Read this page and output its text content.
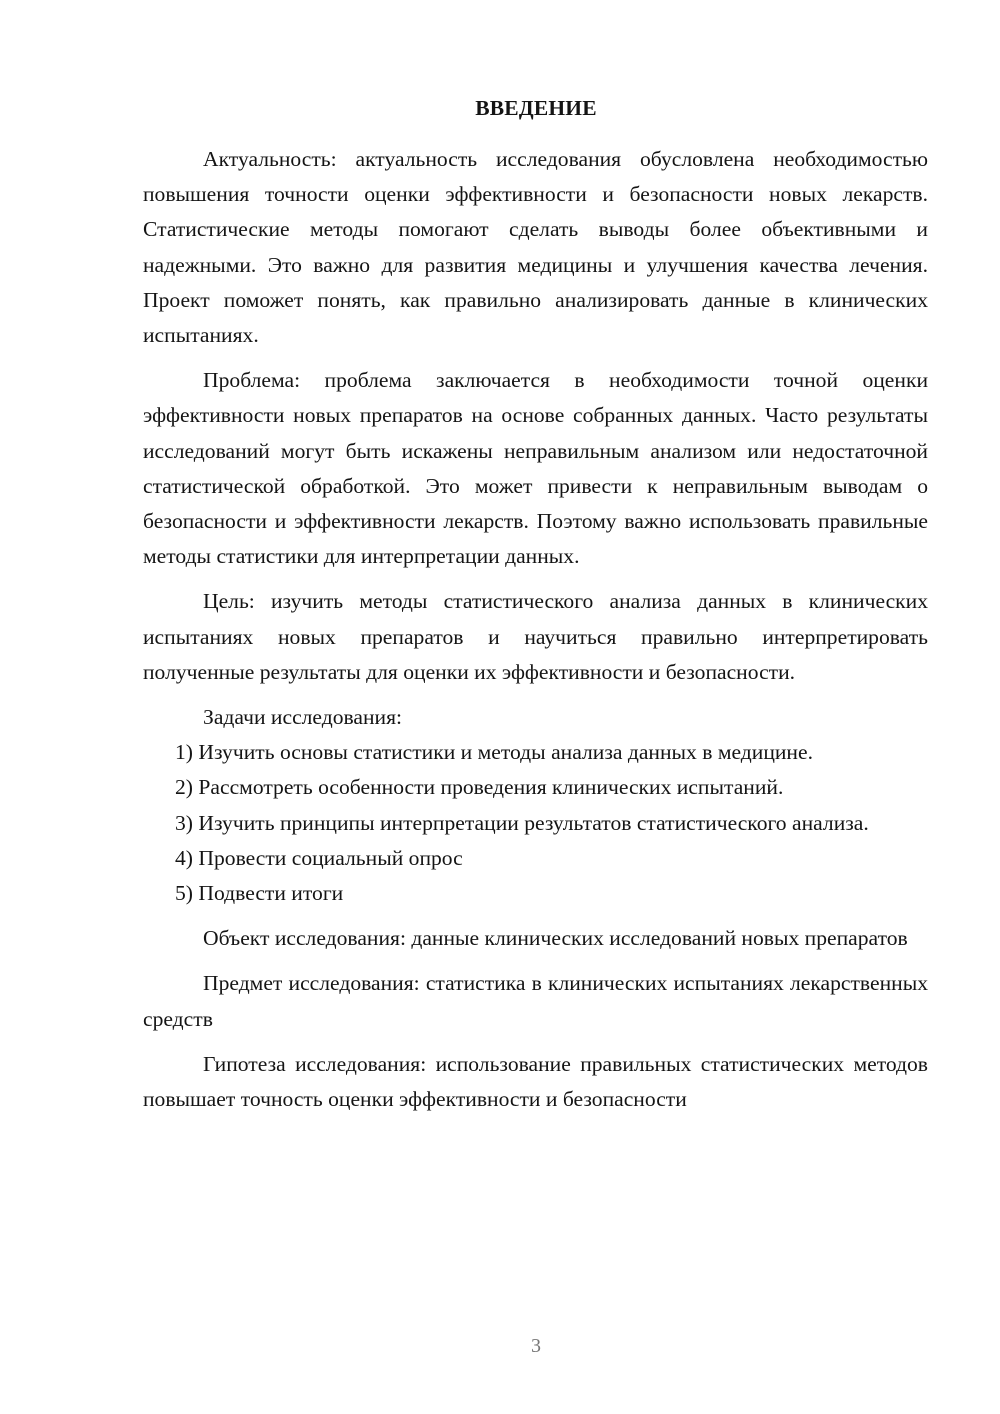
ВВЕДЕНИЕ

Актуальность: актуальность исследования обусловлена необходимостью повышения точности оценки эффективности и безопасности новых лекарств. Статистические методы помогают сделать выводы более объективными и надежными. Это важно для развития медицины и улучшения качества лечения. Проект поможет понять, как правильно анализировать данные в клинических испытаниях.

Проблема: проблема заключается в необходимости точной оценки эффективности новых препаратов на основе собранных данных. Часто результаты исследований могут быть искажены неправильным анализом или недостаточной статистической обработкой. Это может привести к неправильным выводам о безопасности и эффективности лекарств. Поэтому важно использовать правильные методы статистики для интерпретации данных.

Цель: изучить методы статистического анализа данных в клинических испытаниях новых препаратов и научиться правильно интерпретировать полученные результаты для оценки их эффективности и безопасности.

Задачи исследования:

1) Изучить основы статистики и методы анализа данных в медицине.

2) Рассмотреть особенности проведения клинических испытаний.

3) Изучить принципы интерпретации результатов статистического анализа.

4) Провести социальный опрос

5) Подвести итоги

Объект исследования: данные клинических исследований новых препаратов

Предмет исследования: статистика в клинических испытаниях лекарственных средств

Гипотеза исследования: использование правильных статистических методов повышает точность оценки эффективности и безопасности

3
